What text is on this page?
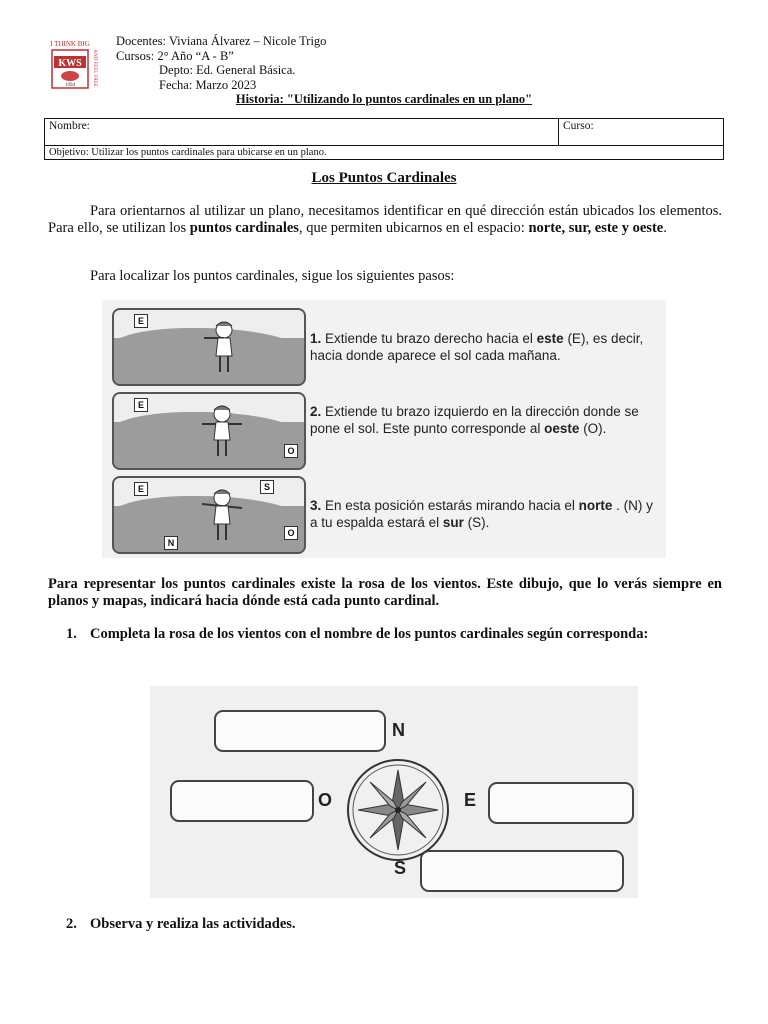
I THINK BIG
AND FEEL FREE
KWS
1994
Docentes: Viviana Álvarez – Nicole Trigo
Cursos: 2° Año “A - B”
Depto: Ed. General Básica.
Fecha: Marzo 2023
Historia: "Utilizando lo puntos cardinales en un plano"
Nombre:	Curso:
Objetivo: Utilizar los puntos cardinales para ubicarse en un plano.
Los Puntos Cardinales
Para orientarnos al utilizar un plano, necesitamos identificar en qué dirección están ubicados los elementos. Para ello, se utilizan los puntos cardinales, que permiten ubicarnos en el espacio: norte, sur, este y oeste.
Para localizar los puntos cardinales, sigue los siguientes pasos:
E
E
O
E	S
O
N
1. Extiende tu brazo derecho hacia el este (E), es decir, hacia donde aparece el sol cada mañana.
2. Extiende tu brazo izquierdo en la dirección donde se pone el sol. Este punto corresponde al oeste (O).
3. En esta posición estarás mirando hacia el norte . (N) y a tu espalda estará el sur (S).
Para representar los puntos cardinales existe la rosa de los vientos. Este dibujo, que lo verás siempre en planos y mapas, indicará hacia dónde está cada punto cardinal.
1. Completa la rosa de los vientos con el nombre de los puntos cardinales según corresponda:
N
O	E
S
2. Observa y realiza las actividades.
